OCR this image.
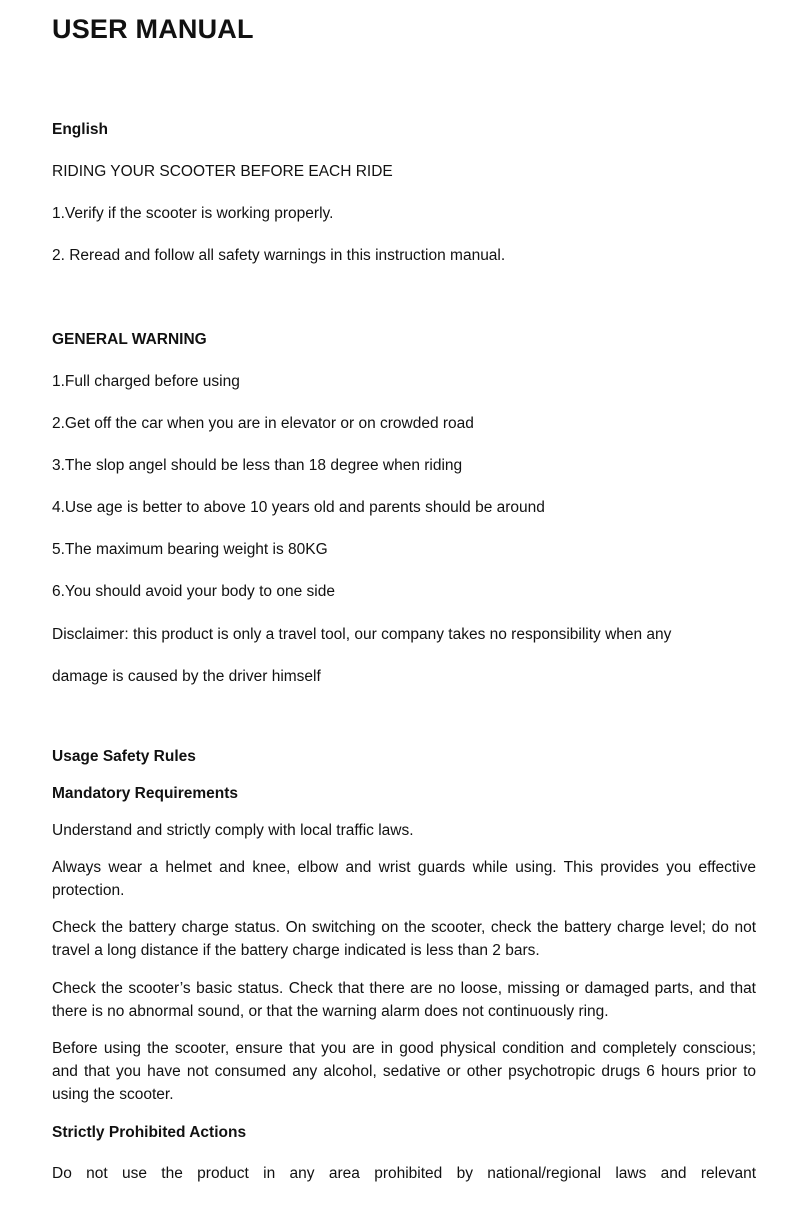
USER MANUAL
English
RIDING YOUR SCOOTER BEFORE EACH RIDE
1.Verify if the scooter is working properly.
2. Reread and follow all safety warnings in this instruction manual.
GENERAL WARNING
1.Full charged before using
2.Get off the car when you are in elevator or on crowded road
3.The slop angel should be less than 18 degree when riding
4.Use age is better to above 10 years old and parents should be around
5.The maximum bearing weight is 80KG
6.You should avoid your body to one side
Disclaimer: this product is only a travel tool, our company takes no responsibility when any
damage is caused by the driver himself
Usage Safety Rules
Mandatory Requirements
Understand and strictly comply with local traffic laws.
Always wear a helmet and knee, elbow and wrist guards while using. This provides you effective protection.
Check the battery charge status. On switching on the scooter, check the battery charge level; do not travel a long distance if the battery charge indicated is less than 2 bars.
Check the scooter’s basic status. Check that there are no loose, missing or damaged parts, and that there is no abnormal sound, or that the warning alarm does not continuously ring.
Before using the scooter, ensure that you are in good physical condition and completely conscious; and that you have not consumed any alcohol, sedative or other psychotropic drugs 6 hours prior to using the scooter.
Strictly Prohibited Actions
Do not use the product in any area prohibited by national/regional laws and relevant
